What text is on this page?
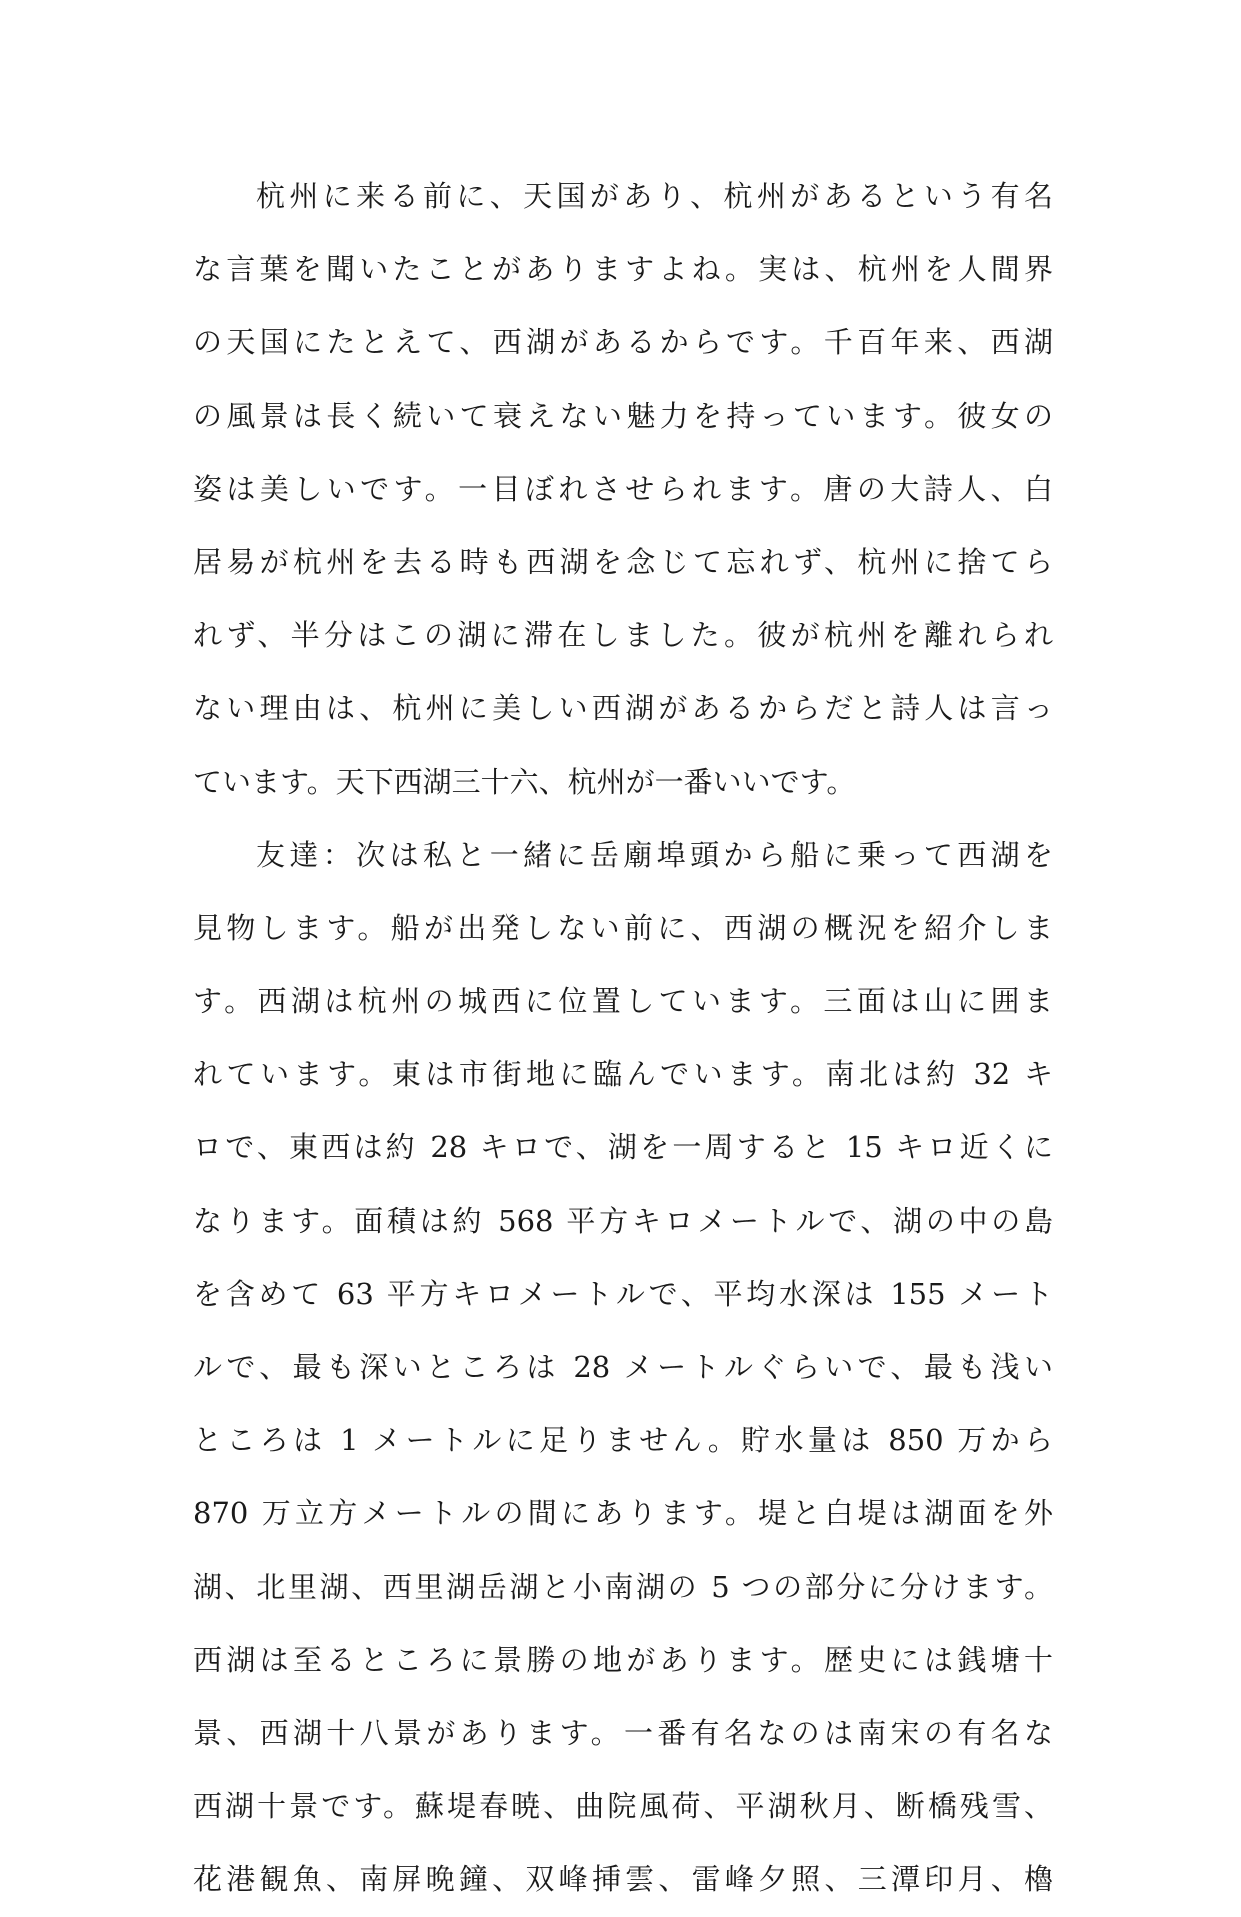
杭州に来る前に、天国があり、杭州があるという有名
な言葉を聞いたことがありますよね。実は、杭州を人間界
の天国にたとえて、西湖があるからです。千百年来、西湖
の風景は長く続いて衰えない魅力を持っています。彼女の
姿は美しいです。一目ぼれさせられます。唐の大詩人、白
居易が杭州を去る時も西湖を念じて忘れず、杭州に捨てら
れず、半分はこの湖に滞在しました。彼が杭州を離れられ
ない理由は、杭州に美しい西湖があるからだと詩人は言っ
ています。天下西湖三十六、杭州が一番いいです。
友達：次は私と一緒に岳廟埠頭から船に乗って西湖を
見物します。船が出発しない前に、西湖の概況を紹介しま
す。西湖は杭州の城西に位置しています。三面は山に囲ま
れています。東は市街地に臨んでいます。南北は約 32 キ
ロで、東西は約 28 キロで、湖を一周すると 15 キロ近くに
なります。面積は約 568 平方キロメートルで、湖の中の島
を含めて 63 平方キロメートルで、平均水深は 155 メート
ルで、最も深いところは 28 メートルぐらいで、最も浅い
ところは 1 メートルに足りません。貯水量は 850 万から
870 万立方メートルの間にあります。堤と白堤は湖面を外
湖、北里湖、西里湖岳湖と小南湖の 5 つの部分に分けます。
西湖は至るところに景勝の地があります。歴史には銭塘十
景、西湖十八景があります。一番有名なのは南宋の有名な
西湖十景です。蘇堤春暁、曲院風荷、平湖秋月、断橋残雪、
花港観魚、南屏晩鐘、双峰挿雲、雷峰夕照、三潭印月、櫓
